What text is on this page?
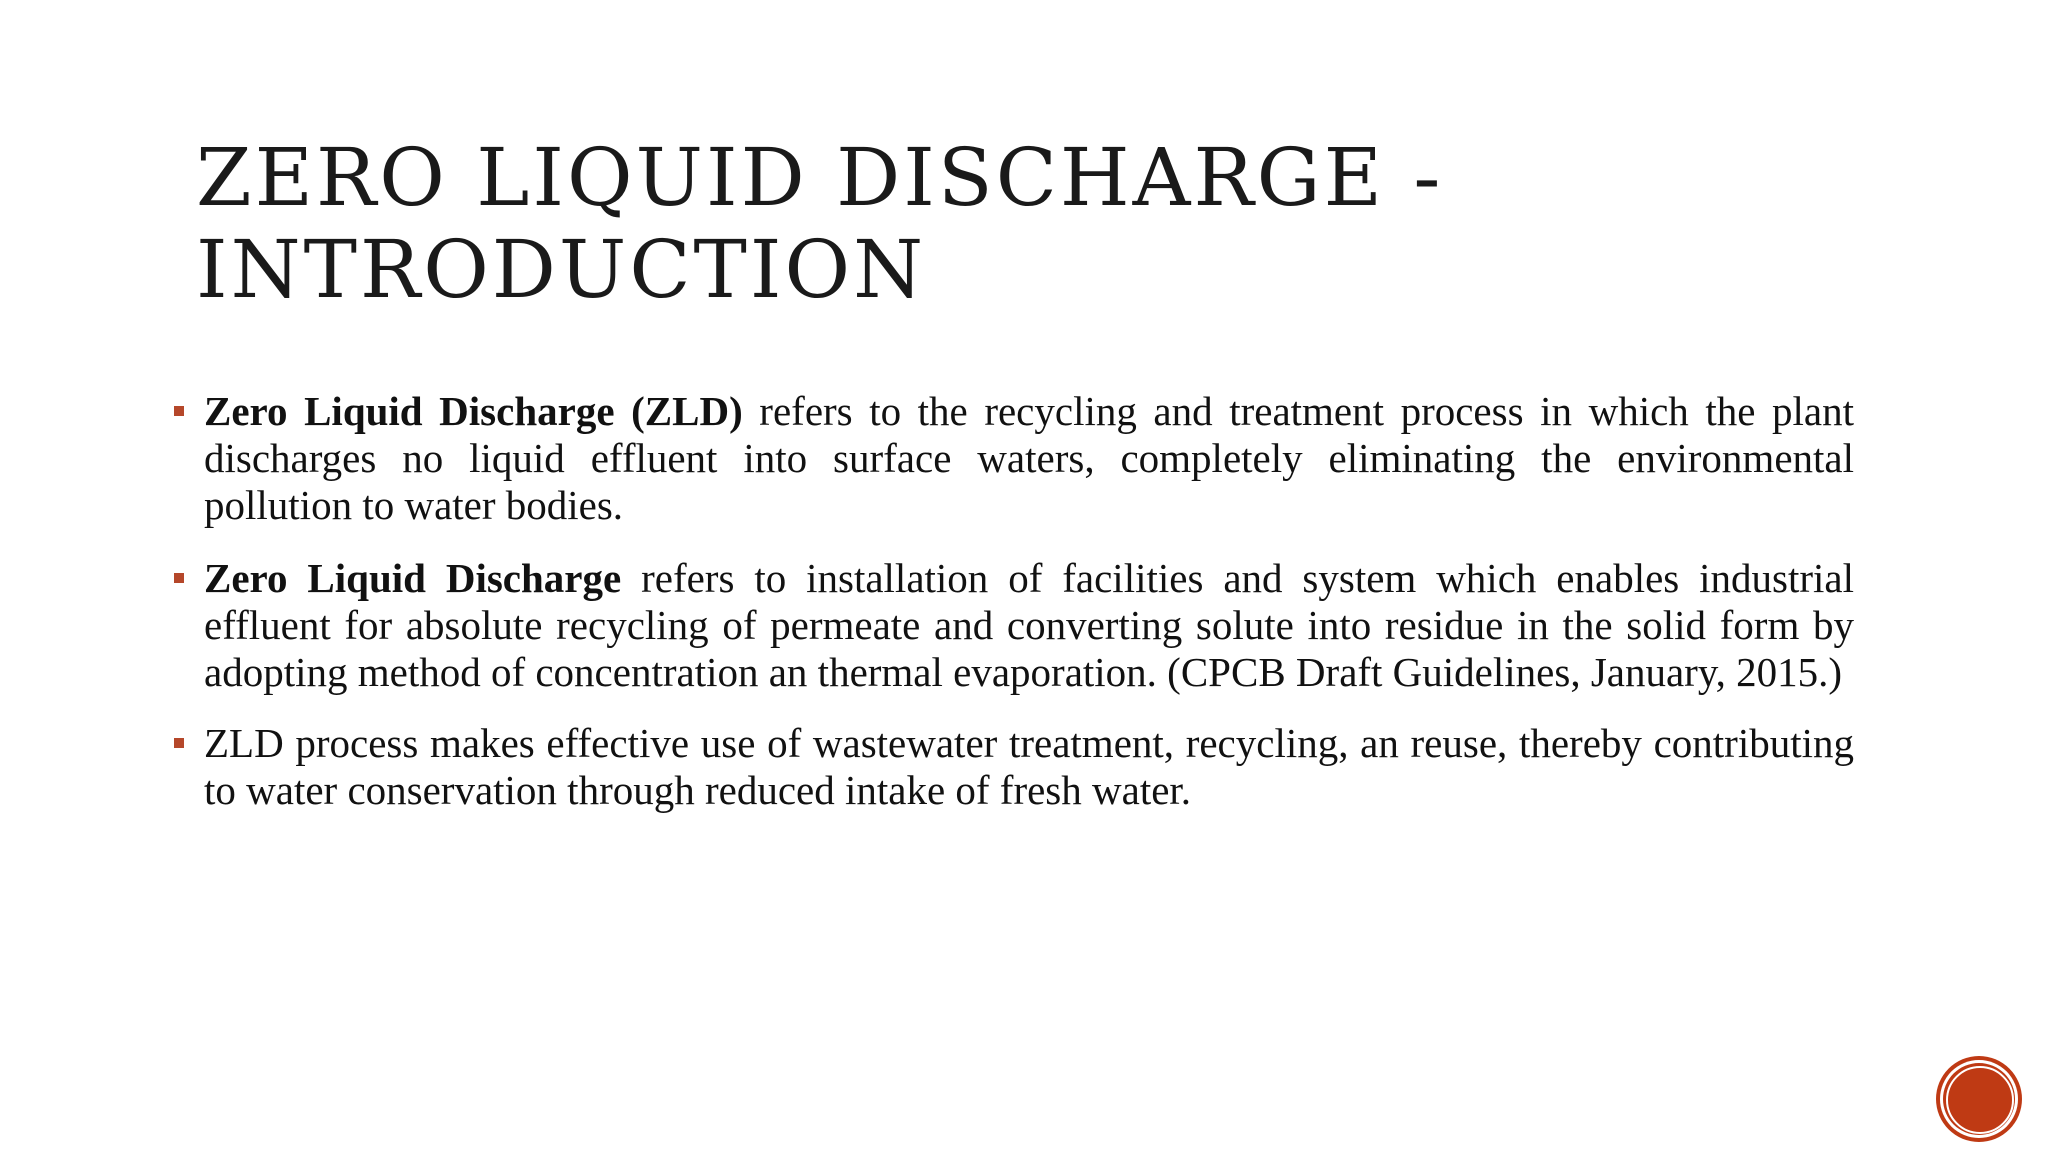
ZERO LIQUID DISCHARGE -
INTRODUCTION
Zero Liquid Discharge (ZLD) refers to the recycling and treatment process in which the plant discharges no liquid effluent into surface waters, completely eliminating the environmental pollution to water bodies.
Zero Liquid Discharge refers to installation of facilities and system which enables industrial effluent for absolute recycling of permeate and converting solute into residue in the solid form by adopting method of concentration an thermal evaporation. (CPCB Draft Guidelines, January, 2015.)
ZLD process makes effective use of wastewater treatment, recycling, an reuse, thereby contributing to water conservation through reduced intake of fresh water.
